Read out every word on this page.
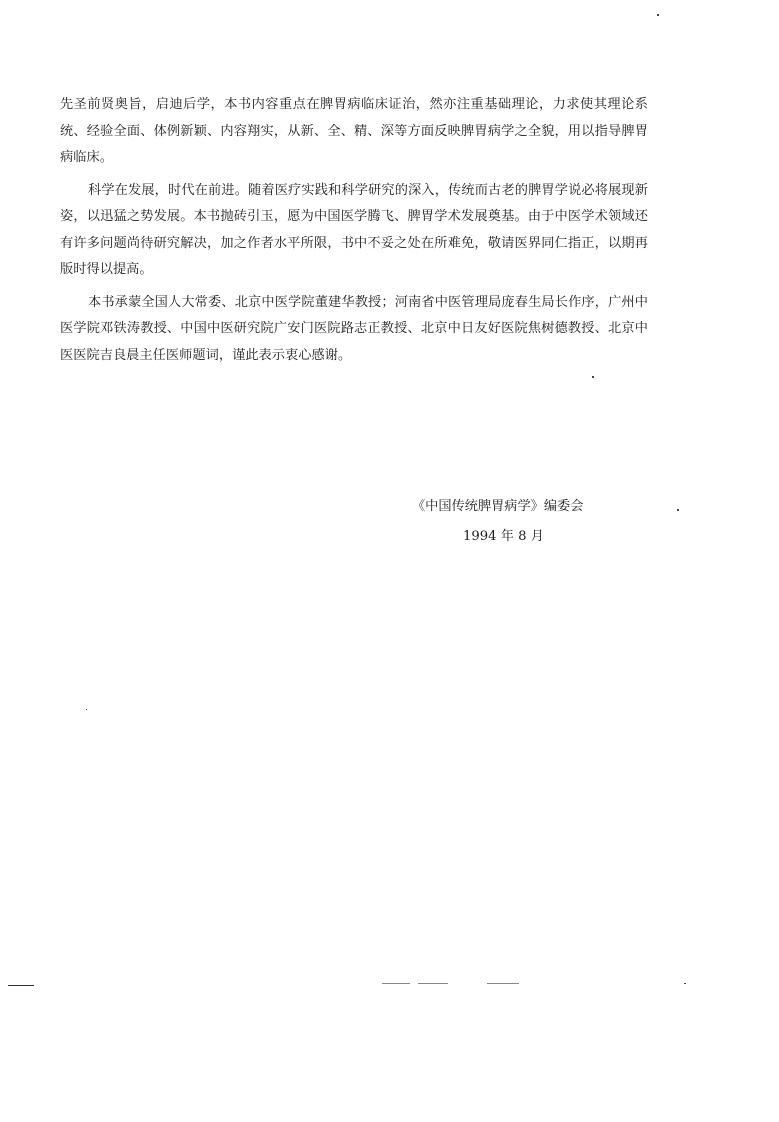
先圣前贤奥旨，启迪后学，本书内容重点在脾胃病临床证治，然亦注重基础理论，力求使其理论系统、经验全面、体例新颖、内容翔实，从新、全、精、深等方面反映脾胃病学之全貌，用以指导脾胃病临床。

科学在发展，时代在前进。随着医疗实践和科学研究的深入，传统而古老的脾胃学说必将展现新姿，以迅猛之势发展。本书抛砖引玉，愿为中国医学腾飞、脾胃学术发展奠基。由于中医学术领域还有许多问题尚待研究解决，加之作者水平所限，书中不妥之处在所难免，敬请医界同仁指正，以期再版时得以提高。

本书承蒙全国人大常委、北京中医学院董建华教授；河南省中医管理局庞春生局长作序，广州中医学院邓铁涛教授、中国中医研究院广安门医院路志正教授、北京中日友好医院焦树德教授、北京中医医院吉良晨主任医师题词，谨此表示衷心感谢。

《中国传统脾胃病学》编委会
1994 年 8 月
